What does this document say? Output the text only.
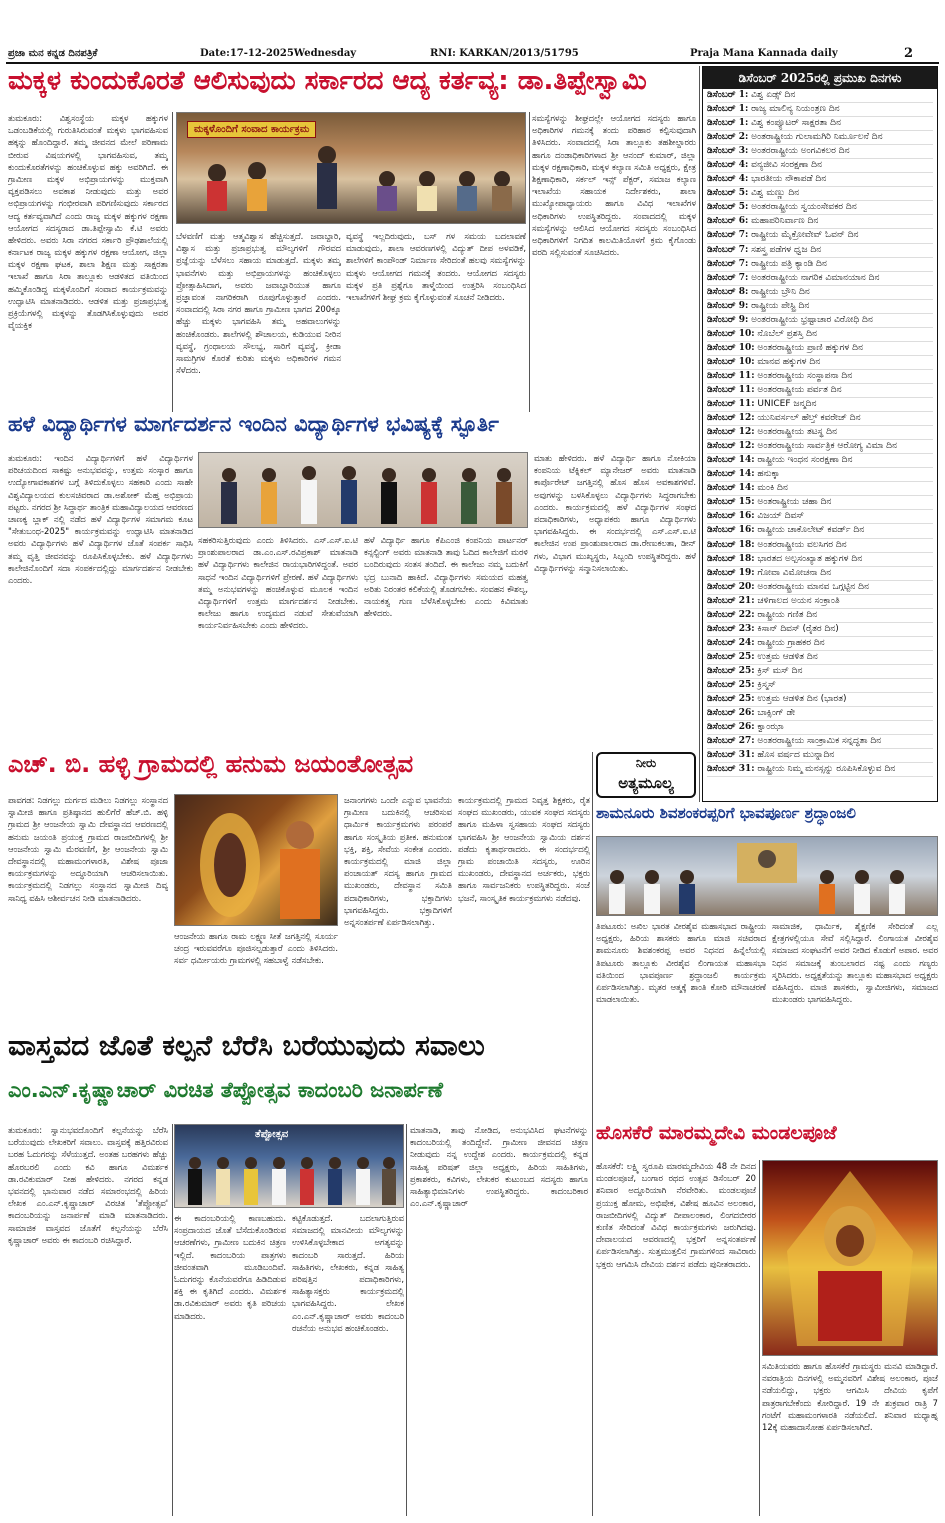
ಪ್ರಜಾ ಮನ ಕನ್ನಡ ದಿನಪತ್ರಿಕೆ	Date:17-12-2025Wednesday	RNI: KARKAN/2013/51795	Praja Mana Kannada daily	2
ಮಕ್ಕಳ ಕುಂದುಕೊರತೆ ಆಲಿಸುವುದು ಸರ್ಕಾರದ ಆದ್ಯ ಕರ್ತವ್ಯ: ಡಾ.ತಿಪ್ಪೇಸ್ವಾಮಿ
ತುಮಕೂರು: ವಿಶ್ವಸಂಸ್ಥೆಯ ಮಕ್ಕಳ ಹಕ್ಕುಗಳ ಒಡಂಬಡಿಕೆಯಲ್ಲಿ ಗುರುತಿಸಿರುವಂತೆ ಮಕ್ಕಳು ಭಾಗವಹಿಸುವ ಹಕ್ಕನ್ನು ಹೊಂದಿದ್ದಾರೆ. ತಮ್ಮ ಜೀವನದ ಮೇಲೆ ಪರಿಣಾಮ ಬೀರುವ ವಿಷಯಗಳಲ್ಲಿ ಭಾಗವಹಿಸುವ, ತಮ್ಮ ಕುಂದುಕೊರತೆಗಳನ್ನು ಹಂಚಿಕೊಳ್ಳುವ ಹಕ್ಕು ಅವರಿಗಿದೆ. ಈ ಗ್ರಾಮೀಣ ಮಕ್ಕಳ ಅಭಿಪ್ರಾಯಗಳನ್ನು ಮುಕ್ತವಾಗಿ ವ್ಯಕ್ತಪಡಿಸಲು ಅವಕಾಶ ನೀಡುವುದು ಮತ್ತು ಅವರ ಅಭಿಪ್ರಾಯಗಳನ್ನು ಗಂಭೀರವಾಗಿ ಪರಿಗಣಿಸುವುದು ಸರ್ಕಾರದ ಆದ್ಯ ಕರ್ತವ್ಯವಾಗಿದೆ ಎಂದು ರಾಜ್ಯ ಮಕ್ಕಳ ಹಕ್ಕುಗಳ ರಕ್ಷಣಾ ಆಯೋಗದ ಸದಸ್ಯರಾದ ಡಾ.ತಿಪ್ಪೇಸ್ವಾಮಿ ಕೆ.ಟಿ ಅವರು ಹೇಳಿದರು. ಅವರು ಸಿರಾ ನಗರದ ಸರ್ಕಾರಿ ಪ್ರೌಢಶಾಲೆಯಲ್ಲಿ ಕರ್ನಾಟಕ ರಾಜ್ಯ ಮಕ್ಕಳ ಹಕ್ಕುಗಳ ರಕ್ಷಣಾ ಆಯೋಗ, ಜಿಲ್ಲಾ ಮಕ್ಕಳ ರಕ್ಷಣಾ ಘಟಕ, ಶಾಲಾ ಶಿಕ್ಷಣ ಮತ್ತು ಸಾಕ್ಷರತಾ ಇಲಾಖೆ ಹಾಗೂ ಸಿರಾ ತಾಲ್ಲೂಕು ಆಡಳಿತದ ವತಿಯಿಂದ ಹಮ್ಮಿಕೊಂಡಿದ್ದ ಮಕ್ಕಳೊಂದಿಗೆ ಸಂವಾದ ಕಾರ್ಯಕ್ರಮವನ್ನು ಉದ್ಘಾಟಿಸಿ ಮಾತನಾಡಿದರು. ಆಡಳಿತ ಮತ್ತು ಪ್ರಜಾಪ್ರಭುತ್ವ ಪ್ರಕ್ರಿಯೆಗಳಲ್ಲಿ ಮಕ್ಕಳನ್ನು ತೊಡಗಿಸಿಕೊಳ್ಳುವುದು ಅವರ ವೈಯಕ್ತಿಕ
ಮಕ್ಕಳೊಂದಿಗೆ ಸಂವಾದ ಕಾರ್ಯಕ್ರಮ
ಬೆಳವಣಿಗೆ ಮತ್ತು ಆತ್ಮವಿಶ್ವಾಸ ಹೆಚ್ಚಿಸುತ್ತದೆ. ಜವಾಬ್ದಾರಿ, ವಿಶ್ವಾಸ ಮತ್ತು ಪ್ರಜಾಪ್ರಭುತ್ವ ಮೌಲ್ಯಗಳಿಗೆ ಗೌರವದ ಪ್ರಜ್ಞೆಯನ್ನು ಬೆಳೆಸಲು ಸಹಾಯ ಮಾಡುತ್ತದೆ. ಮಕ್ಕಳು ತಮ್ಮ ಭಾವನೆಗಳು ಮತ್ತು ಅಭಿಪ್ರಾಯಗಳನ್ನು ಹಂಚಿಕೊಳ್ಳಲು ಪ್ರೋತ್ಸಾಹಿಸಿದಾಗ, ಅವರು ಜವಾಬ್ದಾರಿಯುತ ಹಾಗೂ ಪ್ರಜ್ಞಾವಂತ ನಾಗರಿಕರಾಗಿ ರೂಪುಗೊಳ್ಳುತ್ತಾರೆ ಎಂದರು. ಸಂವಾದದಲ್ಲಿ ಸಿರಾ ನಗರ ಹಾಗೂ ಗ್ರಾಮೀಣ ಭಾಗದ 200ಕ್ಕೂ ಹೆಚ್ಚು ಮಕ್ಕಳು ಭಾಗವಹಿಸಿ ತಮ್ಮ ಅಹವಾಲುಗಳನ್ನು ಹಂಚಿಕೊಂಡರು. ಶಾಲೆಗಳಲ್ಲಿ ಶೌಚಾಲಯ, ಕುಡಿಯುವ ನೀರಿನ ವ್ಯವಸ್ಥೆ, ಗ್ರಂಥಾಲಯ ಸೌಲಭ್ಯ, ಸಾರಿಗೆ ವ್ಯವಸ್ಥೆ, ಕ್ರೀಡಾ ಸಾಮಗ್ರಿಗಳ ಕೊರತೆ ಕುರಿತು ಮಕ್ಕಳು ಅಧಿಕಾರಿಗಳ ಗಮನ ಸೆಳೆದರು.
ವ್ಯವಸ್ಥೆ ಇಲ್ಲದಿರುವುದು, ಬಸ್ ಗಳ ಸಮಯ ಬದಲಾವಣೆ ಮಾಡುವುದು, ಶಾಲಾ ಆವರಣಗಳಲ್ಲಿ ವಿದ್ಯುತ್ ದೀಪ ಅಳವಡಿಕೆ, ಶಾಲೆಗಳಿಗೆ ಕಾಂಪೌಂಡ್ ನಿರ್ಮಾಣ ಸೇರಿದಂತೆ ಹಲವು ಸಮಸ್ಯೆಗಳನ್ನು ಮಕ್ಕಳು ಆಯೋಗದ ಗಮನಕ್ಕೆ ತಂದರು. ಆಯೋಗದ ಸದಸ್ಯರು ಮಕ್ಕಳ ಪ್ರತಿ ಪ್ರಶ್ನೆಗೂ ತಾಳ್ಮೆಯಿಂದ ಉತ್ತರಿಸಿ ಸಂಬಂಧಿಸಿದ ಇಲಾಖೆಗಳಿಗೆ ಶೀಘ್ರ ಕ್ರಮ ಕೈಗೊಳ್ಳುವಂತೆ ಸೂಚನೆ ನೀಡಿದರು.
ಸಮಸ್ಯೆಗಳನ್ನು ಶೀಘ್ರದಲ್ಲೇ ಆಯೋಗದ ಸದಸ್ಯರು ಹಾಗೂ ಅಧಿಕಾರಿಗಳ ಗಮನಕ್ಕೆ ತಂದು ಪರಿಹಾರ ಕಲ್ಪಿಸುವುದಾಗಿ ತಿಳಿಸಿದರು. ಸಂವಾದದಲ್ಲಿ ಸಿರಾ ತಾಲ್ಲೂಕು ತಹಶೀಲ್ದಾರರು ಹಾಗೂ ದಂಡಾಧಿಕಾರಿಗಳಾದ ಶ್ರೀ ಆನಂದ್ ಕುಮಾರ್, ಜಿಲ್ಲಾ ಮಕ್ಕಳ ರಕ್ಷಣಾಧಿಕಾರಿ, ಮಕ್ಕಳ ಕಲ್ಯಾಣ ಸಮಿತಿ ಅಧ್ಯಕ್ಷರು, ಕ್ಷೇತ್ರ ಶಿಕ್ಷಣಾಧಿಕಾರಿ, ಸರ್ಕಲ್ ಇನ್ಸ್ ಪೆಕ್ಟರ್, ಸಮಾಜ ಕಲ್ಯಾಣ ಇಲಾಖೆಯ ಸಹಾಯಕ ನಿರ್ದೇಶಕರು, ಶಾಲಾ ಮುಖ್ಯೋಪಾಧ್ಯಾಯರು ಹಾಗೂ ವಿವಿಧ ಇಲಾಖೆಗಳ ಅಧಿಕಾರಿಗಳು ಉಪಸ್ಥಿತರಿದ್ದರು. ಸಂವಾದದಲ್ಲಿ ಮಕ್ಕಳ ಸಮಸ್ಯೆಗಳನ್ನು ಆಲಿಸಿದ ಆಯೋಗದ ಸದಸ್ಯರು ಸಂಬಂಧಿಸಿದ ಅಧಿಕಾರಿಗಳಿಗೆ ನಿಗದಿತ ಕಾಲಮಿತಿಯೊಳಗೆ ಕ್ರಮ ಕೈಗೊಂಡು ವರದಿ ಸಲ್ಲಿಸುವಂತೆ ಸೂಚಿಸಿದರು.
ಡಿಸೆಂಬರ್ 2025ರಲ್ಲಿ ಪ್ರಮುಖ ದಿನಗಳು
ಡಿಸೆಂಬರ್ 1: ವಿಶ್ವ ಏಡ್ಸ್ ದಿನ
ಡಿಸೆಂಬರ್ 1: ರಾಜ್ಯ ಮಾಲಿನ್ಯ ನಿಯಂತ್ರಣ ದಿನ
ಡಿಸೆಂಬರ್ 1: ವಿಶ್ವ ಕಂಪ್ಯೂಟರ್ ಸಾಕ್ಷರತಾ ದಿನ
ಡಿಸೆಂಬರ್ 2: ಅಂತರಾಷ್ಟ್ರೀಯ ಗುಲಾಮಗಿರಿ ನಿರ್ಮೂಲನೆ ದಿನ
ಡಿಸೆಂಬರ್ 3: ಅಂತರರಾಷ್ಟ್ರೀಯ ಅಂಗವಿಕಲರ ದಿನ
ಡಿಸೆಂಬರ್ 4: ವನ್ಯಜೀವಿ ಸಂರಕ್ಷಣಾ ದಿನ
ಡಿಸೆಂಬರ್ 4: ಭಾರತೀಯ ನೌಕಾಪಡೆ ದಿನ
ಡಿಸೆಂಬರ್ 5: ವಿಶ್ವ ಮಣ್ಣು ದಿನ
ಡಿಸೆಂಬರ್ 5: ಅಂತರರಾಷ್ಟ್ರೀಯ ಸ್ವಯಂಸೇವಕರ ದಿನ
ಡಿಸೆಂಬರ್ 6: ಮಹಾಪರಿನಿರ್ವಾಣ ದಿನ
ಡಿಸೆಂಬರ್ 7: ರಾಷ್ಟ್ರೀಯ ಮೈಕ್ರೋವೇವ್ ಓವನ್ ದಿನ
ಡಿಸೆಂಬರ್ 7: ಸಶಸ್ತ್ರ ಪಡೆಗಳ ಧ್ವಜ ದಿನ
ಡಿಸೆಂಬರ್ 7: ರಾಷ್ಟ್ರೀಯ ಪತ್ರಿ ಕ್ಯಾಂಡಿ ದಿನ
ಡಿಸೆಂಬರ್ 7: ಅಂತರರಾಷ್ಟ್ರೀಯ ನಾಗರಿಕ ವಿಮಾನಯಾನ ದಿನ
ಡಿಸೆಂಬರ್ 8: ರಾಷ್ಟ್ರೀಯ ಬ್ರೌನಿ ದಿನ
ಡಿಸೆಂಬರ್ 9: ರಾಷ್ಟ್ರೀಯ ಪೇಸ್ಟ್ರಿ ದಿನ
ಡಿಸೆಂಬರ್ 9: ಅಂತರರಾಷ್ಟ್ರೀಯ ಭ್ರಷ್ಟಾಚಾರ ವಿರೋಧಿ ದಿನ
ಡಿಸೆಂಬರ್ 10: ನೊಬೆಲ್ ಪ್ರಶಸ್ತಿ ದಿನ
ಡಿಸೆಂಬರ್ 10: ಅಂತರರಾಷ್ಟ್ರೀಯ ಪ್ರಾಣಿ ಹಕ್ಕುಗಳ ದಿನ
ಡಿಸೆಂಬರ್ 10: ಮಾನವ ಹಕ್ಕುಗಳ ದಿನ
ಡಿಸೆಂಬರ್ 11: ಅಂತರರಾಷ್ಟ್ರೀಯ ಸಂಸ್ಥಾಪನಾ ದಿನ
ಡಿಸೆಂಬರ್ 11: ಅಂತರರಾಷ್ಟ್ರೀಯ ಪರ್ವತ ದಿನ
ಡಿಸೆಂಬರ್ 11: UNICEF ಜನ್ಮದಿನ
ಡಿಸೆಂಬರ್ 12: ಯುನಿವರ್ಸಲ್ ಹೆಲ್ತ್ ಕವರೇಜ್ ದಿನ
ಡಿಸೆಂಬರ್ 12: ಅಂತರರಾಷ್ಟ್ರೀಯ ತಟಸ್ಥ ದಿನ
ಡಿಸೆಂಬರ್ 12: ಅಂತರರಾಷ್ಟ್ರೀಯ ಸಾರ್ವತ್ರಿಕ ಆರೋಗ್ಯ ವಿಮಾ ದಿನ
ಡಿಸೆಂಬರ್ 14: ರಾಷ್ಟ್ರೀಯ ಇಂಧನ ಸಂರಕ್ಷಣಾ ದಿನ
ಡಿಸೆಂಬರ್ 14: ಹನುಕ್ಕಾ
ಡಿಸೆಂಬರ್ 14: ಮಂಕಿ ದಿನ
ಡಿಸೆಂಬರ್ 15: ಅಂತರಾಷ್ಟ್ರೀಯ ಚಹಾ ದಿನ
ಡಿಸೆಂಬರ್ 16: ವಿಜಯ್ ದಿವಸ್
ಡಿಸೆಂಬರ್ 16: ರಾಷ್ಟ್ರೀಯ ಚಾಕೊಲೇಟ್ ಕವರ್ಡ್ ದಿನ
ಡಿಸೆಂಬರ್ 18: ಅಂತರರಾಷ್ಟ್ರೀಯ ವಲಸಿಗರ ದಿನ
ಡಿಸೆಂಬರ್ 18: ಭಾರತದ ಅಲ್ಪಸಂಖ್ಯಾತ ಹಕ್ಕುಗಳ ದಿನ
ಡಿಸೆಂಬರ್ 19: ಗೋವಾ ವಿಮೋಚನಾ ದಿನ
ಡಿಸೆಂಬರ್ 20: ಅಂತರರಾಷ್ಟ್ರೀಯ ಮಾನವ ಒಗ್ಗಟ್ಟಿನ ದಿನ
ಡಿಸೆಂಬರ್ 21: ಚಳಿಗಾಲದ ಅಯನ ಸಂಕ್ರಾಂತಿ
ಡಿಸೆಂಬರ್ 22: ರಾಷ್ಟ್ರೀಯ ಗಣಿತ ದಿನ
ಡಿಸೆಂಬರ್ 23: ಕಿಸಾನ್ ದಿವಸ್ (ರೈತರ ದಿನ)
ಡಿಸೆಂಬರ್ 24: ರಾಷ್ಟ್ರೀಯ ಗ್ರಾಹಕರ ದಿನ
ಡಿಸೆಂಬರ್ 25: ಉತ್ತಮ ಆಡಳಿತ ದಿನ
ಡಿಸೆಂಬರ್ 25: ಕ್ರಿಸ್ ಮಸ್ ದಿನ
ಡಿಸೆಂಬರ್ 25: ಕ್ರಿಸ್ಮಸ್
ಡಿಸೆಂಬರ್ 25: ಉತ್ತಮ ಆಡಳಿತ ದಿನ (ಭಾರತ)
ಡಿಸೆಂಬರ್ 26: ಬಾಕ್ಸಿಂಗ್ ಡೇ
ಡಿಸೆಂಬರ್ 26: ಕ್ವಾಂಝಾ
ಡಿಸೆಂಬರ್ 27: ಅಂತರರಾಷ್ಟ್ರೀಯ ಸಾಂಕ್ರಾಮಿಕ ಸನ್ನದ್ಧತಾ ದಿನ
ಡಿಸೆಂಬರ್ 31: ಹೊಸ ವರ್ಷದ ಮುನ್ನಾದಿನ
ಡಿಸೆಂಬರ್ 31: ರಾಷ್ಟ್ರೀಯ ನಿಮ್ಮ ಮನಸ್ಸನ್ನು ರೂಪಿಸಿಕೊಳ್ಳುವ ದಿನ
ಹಳೆ ವಿದ್ಯಾರ್ಥಿಗಳ ಮಾರ್ಗದರ್ಶನ ಇಂದಿನ ವಿದ್ಯಾರ್ಥಿಗಳ ಭವಿಷ್ಯಕ್ಕೆ ಸ್ಫೂರ್ತಿ
ತುಮಕೂರು: ಇಂದಿನ ವಿದ್ಯಾರ್ಥಿಗಳಿಗೆ ಹಳೆ ವಿದ್ಯಾರ್ಥಿಗಳ ಪರಿಚಯದಿಂದ ಸಾಕಷ್ಟು ಅನುಭವವನ್ನು, ಉತ್ತಮ ಸಂಸ್ಕಾರ ಹಾಗೂ ಉದ್ಯೋಗಾವಕಾಶಗಳ ಬಗ್ಗೆ ತಿಳಿದುಕೊಳ್ಳಲು ಸಹಕಾರಿ ಎಂದು ಸಾಹೇ ವಿಶ್ವವಿದ್ಯಾಲಯದ ಕುಲಸಚಿವರಾದ ಡಾ.ಅಶೋಕ್ ಮೆಹ್ತ ಅಭಿಪ್ರಾಯ ಪಟ್ಟರು. ನಗರದ ಶ್ರೀ ಸಿದ್ಧಾರ್ಥ ತಾಂತ್ರಿಕ ಮಹಾವಿದ್ಯಾಲಯದ ಆವರಣದ ಚಾಣಕ್ಯ ಬ್ಲಾಕ್ ನಲ್ಲಿ ನಡೆದ ಹಳೆ ವಿದ್ಯಾರ್ಥಿಗಳ ಸಮಾಗಮ ಕೂಟ "ಸೇತುಬಂಧ-2025" ಕಾರ್ಯಕ್ರಮವನ್ನು ಉದ್ಘಾಟಿಸಿ ಮಾತನಾಡಿದ ಅವರು ವಿದ್ಯಾರ್ಥಿಗಳು ಹಳೆ ವಿದ್ಯಾರ್ಥಿಗಳ ಜೊತೆ ಸಂಪರ್ಕ ಸಾಧಿಸಿ ತಮ್ಮ ವೃತ್ತಿ ಜೀವನವನ್ನು ರೂಪಿಸಿಕೊಳ್ಳಬೇಕು. ಹಳೆ ವಿದ್ಯಾರ್ಥಿಗಳು ಕಾಲೇಜಿನೊಂದಿಗೆ ಸದಾ ಸಂಪರ್ಕದಲ್ಲಿದ್ದು ಮಾರ್ಗದರ್ಶನ ನೀಡಬೇಕು ಎಂದರು.
ಸಹಕರಿಸುತ್ತಿರುವುದು ಎಂದು ತಿಳಿಸಿದರು. ಎಸ್.ಎಸ್.ಐ.ಟಿ ಪ್ರಾಂಶುಪಾಲರಾದ ಡಾ.ಎಂ.ಎಸ್.ರವಿಪ್ರಕಾಶ್ ಮಾತನಾಡಿ ಹಳೆ ವಿದ್ಯಾರ್ಥಿಗಳು ಕಾಲೇಜಿನ ರಾಯಭಾರಿಗಳಿದ್ದಂತೆ. ಅವರ ಸಾಧನೆ ಇಂದಿನ ವಿದ್ಯಾರ್ಥಿಗಳಿಗೆ ಪ್ರೇರಣೆ. ಹಳೆ ವಿದ್ಯಾರ್ಥಿಗಳು ತಮ್ಮ ಅನುಭವಗಳನ್ನು ಹಂಚಿಕೊಳ್ಳುವ ಮೂಲಕ ಇಂದಿನ ವಿದ್ಯಾರ್ಥಿಗಳಿಗೆ ಉತ್ತಮ ಮಾರ್ಗದರ್ಶನ ನೀಡಬೇಕು. ಕಾಲೇಜು ಹಾಗೂ ಉದ್ಯಮದ ನಡುವೆ ಸೇತುವೆಯಾಗಿ ಕಾರ್ಯನಿರ್ವಹಿಸಬೇಕು ಎಂದು ಹೇಳಿದರು.
ಹಳೆ ವಿದ್ಯಾರ್ಥಿ ಹಾಗೂ ಕೆಪಿಎಂಜಿ ಕಂಪನಿಯ ಪಾರ್ಟನರ್ ಕನ್ಸಲ್ಟಿಂಗ್ ಅವರು ಮಾತನಾಡಿ ತಾವು ಓದಿದ ಕಾಲೇಜಿಗೆ ಮರಳಿ ಬಂದಿರುವುದು ಸಂತಸ ತಂದಿದೆ. ಈ ಕಾಲೇಜು ನಮ್ಮ ಬದುಕಿಗೆ ಭದ್ರ ಬುನಾದಿ ಹಾಕಿದೆ. ವಿದ್ಯಾರ್ಥಿಗಳು ಸಮಯದ ಮಹತ್ವ ಅರಿತು ನಿರಂತರ ಕಲಿಕೆಯಲ್ಲಿ ತೊಡಗಬೇಕು. ಸಂವಹನ ಕೌಶಲ್ಯ, ನಾಯಕತ್ವ ಗುಣ ಬೆಳೆಸಿಕೊಳ್ಳಬೇಕು ಎಂದು ಕಿವಿಮಾತು ಹೇಳಿದರು.
ಮಾತು ಹೇಳಿದರು. ಹಳೆ ವಿದ್ಯಾರ್ಥಿ ಹಾಗೂ ನೋಕಿಯಾ ಕಂಪನಿಯ ಟೆಕ್ನಿಕಲ್ ಮ್ಯಾನೇಜರ್ ಅವರು ಮಾತನಾಡಿ ಕಾರ್ಪೊರೇಟ್ ಜಗತ್ತಿನಲ್ಲಿ ಹೊಸ ಹೊಸ ಅವಕಾಶಗಳಿವೆ. ಅವುಗಳನ್ನು ಬಳಸಿಕೊಳ್ಳಲು ವಿದ್ಯಾರ್ಥಿಗಳು ಸಿದ್ಧರಾಗಬೇಕು ಎಂದರು. ಕಾರ್ಯಕ್ರಮದಲ್ಲಿ ಹಳೆ ವಿದ್ಯಾರ್ಥಿಗಳ ಸಂಘದ ಪದಾಧಿಕಾರಿಗಳು, ಅಧ್ಯಾಪಕರು ಹಾಗೂ ವಿದ್ಯಾರ್ಥಿಗಳು ಭಾಗವಹಿಸಿದ್ದರು. ಈ ಸಂದರ್ಭದಲ್ಲಿ ಎಸ್.ಎಸ್.ಐ.ಟಿ ಕಾಲೇಜಿನ ಉಪ ಪ್ರಾಂಶುಪಾಲರಾದ ಡಾ.ರೇಣುಕಲತಾ, ಡೀನ್ ಗಳು, ವಿಭಾಗ ಮುಖ್ಯಸ್ಥರು, ಸಿಬ್ಬಂದಿ ಉಪಸ್ಥಿತರಿದ್ದರು. ಹಳೆ ವಿದ್ಯಾರ್ಥಿಗಳನ್ನು ಸನ್ಮಾನಿಸಲಾಯಿತು.
ಎಚ್. ಬಿ. ಹಳ್ಳಿ ಗ್ರಾಮದಲ್ಲಿ ಹನುಮ ಜಯಂತೋತ್ಸವ	ನೀರು
ಅತ್ಯಮೂಲ್ಯ
ಪಾವಗಡ: ನಿಡಗಲ್ಲು ದುರ್ಗದ ಮಡಿಲು ನಿಡಗಲ್ಲು ಸಂಸ್ಥಾನದ ಸ್ವಾಮೀಜಿ ಹಾಗೂ ಪ್ರತಿಷ್ಠಾನದ ಹುಲಿಗೆರೆ ಹೆಚ್.ಬಿ. ಹಳ್ಳಿ ಗ್ರಾಮದ ಶ್ರೀ ಆಂಜನೇಯ ಸ್ವಾಮಿ ದೇವಸ್ಥಾನದ ಆವರಣದಲ್ಲಿ ಹನುಮ ಜಯಂತಿ ಪ್ರಯುಕ್ತ ಗ್ರಾಮದ ರಾಜಬೀದಿಗಳಲ್ಲಿ ಶ್ರೀ ಆಂಜನೇಯ ಸ್ವಾಮಿ ಮೆರವಣಿಗೆ, ಶ್ರೀ ಆಂಜನೇಯ ಸ್ವಾಮಿ ದೇವಸ್ಥಾನದಲ್ಲಿ ಮಹಾಮಂಗಳಾರತಿ, ವಿಶೇಷ ಪೂಜಾ ಕಾರ್ಯಕ್ರಮಗಳನ್ನು ಅದ್ಧೂರಿಯಾಗಿ ಆಚರಿಸಲಾಯಿತು. ಕಾರ್ಯಕ್ರಮದಲ್ಲಿ ನಿಡಗಲ್ಲು ಸಂಸ್ಥಾನದ ಸ್ವಾಮೀಜಿ ದಿವ್ಯ ಸಾನಿಧ್ಯ ವಹಿಸಿ ಆಶೀರ್ವಚನ ನೀಡಿ ಮಾತನಾಡಿದರು.
ಆಂಜನೇಯ ಹಾಗೂ ರಾಮ ಲಕ್ಷ್ಮಣ ಸೀತೆ ಜಗತ್ತಿನಲ್ಲಿ ಸೂರ್ಯ ಚಂದ್ರ ಇರುವವರೆಗೂ ಪೂಜಿಸಲ್ಪಡುತ್ತಾರೆ ಎಂದು ತಿಳಿಸಿದರು. ಸರ್ವ ಧರ್ಮೀಯರು ಗ್ರಾಮಗಳಲ್ಲಿ ಸಹಬಾಳ್ವೆ ನಡೆಸಬೇಕು.
ಜನಾಂಗಗಳು ಒಂದೇ ಎನ್ನುವ ಭಾವನೆಯ ಗ್ರಾಮೀಣ ಬದುಕಿನಲ್ಲಿ ಆಚರಿಸುವ ಧಾರ್ಮಿಕ ಕಾರ್ಯಕ್ರಮಗಳು ಪರಂಪರೆ ಹಾಗೂ ಸಂಸ್ಕೃತಿಯ ಪ್ರತೀಕ. ಹನುಮಂತ ಭಕ್ತಿ, ಶಕ್ತಿ, ಸೇವೆಯ ಸಂಕೇತ ಎಂದರು. ಕಾರ್ಯಕ್ರಮದಲ್ಲಿ ಮಾಜಿ ಜಿಲ್ಲಾ ಪಂಚಾಯತ್ ಸದಸ್ಯ ಹಾಗೂ ಗ್ರಾಮದ ಮುಖಂಡರು, ದೇವಸ್ಥಾನ ಸಮಿತಿ ಪದಾಧಿಕಾರಿಗಳು, ಭಕ್ತಾದಿಗಳು ಭಾಗವಹಿಸಿದ್ದರು. ಭಕ್ತಾದಿಗಳಿಗೆ ಅನ್ನಸಂತರ್ಪಣೆ ಏರ್ಪಡಿಸಲಾಗಿತ್ತು.
ಕಾರ್ಯಕ್ರಮದಲ್ಲಿ ಗ್ರಾಮದ ನಿವೃತ್ತ ಶಿಕ್ಷಕರು, ರೈತ ಸಂಘದ ಮುಖಂಡರು, ಯುವಕ ಸಂಘದ ಸದಸ್ಯರು ಹಾಗೂ ಮಹಿಳಾ ಸ್ವಸಹಾಯ ಸಂಘದ ಸದಸ್ಯರು ಭಾಗವಹಿಸಿ ಶ್ರೀ ಆಂಜನೇಯ ಸ್ವಾಮಿಯ ದರ್ಶನ ಪಡೆದು ಕೃತಾರ್ಥರಾದರು. ಈ ಸಂದರ್ಭದಲ್ಲಿ ಗ್ರಾಮ ಪಂಚಾಯಿತಿ ಸದಸ್ಯರು, ಊರಿನ ಮುಖಂಡರು, ದೇವಸ್ಥಾನದ ಅರ್ಚಕರು, ಭಕ್ತರು ಹಾಗೂ ಸಾರ್ವಜನಿಕರು ಉಪಸ್ಥಿತರಿದ್ದರು. ಸಂಜೆ ಭಜನೆ, ಸಾಂಸ್ಕೃತಿಕ ಕಾರ್ಯಕ್ರಮಗಳು ನಡೆದವು.
ಶಾಮನೂರು ಶಿವಶಂಕರಪ್ಪರಿಗೆ ಭಾವಪೂರ್ಣ ಶ್ರದ್ಧಾಂಜಲಿ
ತಿಪಟೂರು: ಅಖಿಲ ಭಾರತ ವೀರಶೈವ ಮಹಾಸಭಾದ ರಾಷ್ಟ್ರೀಯ ಅಧ್ಯಕ್ಷರು, ಹಿರಿಯ ಶಾಸಕರು ಹಾಗೂ ಮಾಜಿ ಸಚಿವರಾದ ಶಾಮನೂರು ಶಿವಶಂಕರಪ್ಪ ಅವರ ನಿಧನದ ಹಿನ್ನೆಲೆಯಲ್ಲಿ ತಿಪಟೂರು ತಾಲ್ಲೂಕು ವೀರಶೈವ ಲಿಂಗಾಯತ ಮಹಾಸಭಾ ವತಿಯಿಂದ ಭಾವಪೂರ್ಣ ಶ್ರದ್ಧಾಂಜಲಿ ಕಾರ್ಯಕ್ರಮ ಏರ್ಪಡಿಸಲಾಗಿತ್ತು. ಮೃತರ ಆತ್ಮಕ್ಕೆ ಶಾಂತಿ ಕೋರಿ ಮೌನಾಚರಣೆ ಮಾಡಲಾಯಿತು.
ಸಾಮಾಜಿಕ, ಧಾರ್ಮಿಕ, ಶೈಕ್ಷಣಿಕ ಸೇರಿದಂತೆ ಎಲ್ಲ ಕ್ಷೇತ್ರಗಳಲ್ಲಿಯೂ ಸೇವೆ ಸಲ್ಲಿಸಿದ್ದಾರೆ. ಲಿಂಗಾಯತ ವೀರಶೈವ ಸಮಾಜದ ಸಂಘಟನೆಗೆ ಅವರ ನೀಡಿದ ಕೊಡುಗೆ ಅಪಾರ. ಅವರ ನಿಧನ ಸಮಾಜಕ್ಕೆ ತುಂಬಲಾರದ ನಷ್ಟ ಎಂದು ಗಣ್ಯರು ಸ್ಮರಿಸಿದರು. ಅಧ್ಯಕ್ಷತೆಯನ್ನು ತಾಲ್ಲೂಕು ಮಹಾಸಭಾದ ಅಧ್ಯಕ್ಷರು ವಹಿಸಿದ್ದರು. ಮಾಜಿ ಶಾಸಕರು, ಸ್ವಾಮೀಜಿಗಳು, ಸಮಾಜದ ಮುಖಂಡರು ಭಾಗವಹಿಸಿದ್ದರು.
ವಾಸ್ತವದ ಜೊತೆ ಕಲ್ಪನೆ ಬೆರೆಸಿ ಬರೆಯುವುದು ಸವಾಲು
ಎಂ.ಎನ್.ಕೃಷ್ಣಾಚಾರ್ ವಿರಚಿತ ತೆಪ್ಪೋತ್ಸವ ಕಾದಂಬರಿ ಜನಾರ್ಪಣೆ
ತುಮಕೂರು: ಸ್ವಾನುಭವದೊಂದಿಗೆ ಕಲ್ಪನೆಯನ್ನು ಬೆರೆಸಿ ಬರೆಯುವುದು ಲೇಖಕರಿಗೆ ಸವಾಲು. ವಾಸ್ತವಕ್ಕೆ ಹತ್ತಿರವಿರುವ ಬರಹ ಓದುಗರನ್ನು ಸೆಳೆಯುತ್ತದೆ. ಅಂತಹ ಬರಹಗಳು ಹೆಚ್ಚು ಹೊರಬರಲಿ ಎಂದು ಕವಿ ಹಾಗೂ ವಿಮರ್ಶಕ ಡಾ.ರವಿಕುಮಾರ್ ನೀಹ ಹೇಳಿದರು. ನಗರದ ಕನ್ನಡ ಭವನದಲ್ಲಿ ಭಾನುವಾರ ನಡೆದ ಸಮಾರಂಭದಲ್ಲಿ ಹಿರಿಯ ಲೇಖಕ ಎಂ.ಎನ್.ಕೃಷ್ಣಾಚಾರ್ ವಿರಚಿತ 'ತೆಪ್ಪೋತ್ಸವ' ಕಾದಂಬರಿಯನ್ನು ಜನಾರ್ಪಣೆ ಮಾಡಿ ಮಾತನಾಡಿದರು. ಸಾಮಾಜಿಕ ವಾಸ್ತವದ ಜೊತೆಗೆ ಕಲ್ಪನೆಯನ್ನು ಬೆರೆಸಿ ಕೃಷ್ಣಾಚಾರ್ ಅವರು ಈ ಕಾದಂಬರಿ ರಚಿಸಿದ್ದಾರೆ.
ತೆಪ್ಪೋತ್ಸವ
ಈ ಕಾದಂಬರಿಯಲ್ಲಿ ಕಾಣಬಹುದು. ಸಂಪ್ರದಾಯದ ಜೊತೆ ಬೆಸೆದುಕೊಂಡಿರುವ ಆಚರಣೆಗಳು, ಗ್ರಾಮೀಣ ಬದುಕಿನ ಚಿತ್ರಣ ಇಲ್ಲಿದೆ. ಕಾದಂಬರಿಯ ಪಾತ್ರಗಳು ಜೀವಂತವಾಗಿ ಮೂಡಿಬಂದಿವೆ. ಓದುಗರನ್ನು ಕೊನೆಯವರೆಗೂ ಹಿಡಿದಿಡುವ ಶಕ್ತಿ ಈ ಕೃತಿಗಿದೆ ಎಂದರು. ವಿಮರ್ಶಕ ಡಾ.ರವಿಕುಮಾರ್ ಅವರು ಕೃತಿ ಪರಿಚಯ ಮಾಡಿದರು.
ಕಟ್ಟಿಕೊಡುತ್ತದೆ. ಬದಲಾಗುತ್ತಿರುವ ಸಮಾಜದಲ್ಲಿ ಮಾನವೀಯ ಮೌಲ್ಯಗಳನ್ನು ಉಳಿಸಿಕೊಳ್ಳಬೇಕಾದ ಅಗತ್ಯವನ್ನು ಕಾದಂಬರಿ ಸಾರುತ್ತದೆ. ಹಿರಿಯ ಸಾಹಿತಿಗಳು, ಲೇಖಕರು, ಕನ್ನಡ ಸಾಹಿತ್ಯ ಪರಿಷತ್ತಿನ ಪದಾಧಿಕಾರಿಗಳು, ಸಾಹಿತ್ಯಾಸಕ್ತರು ಕಾರ್ಯಕ್ರಮದಲ್ಲಿ ಭಾಗವಹಿಸಿದ್ದರು. ಲೇಖಕ ಎಂ.ಎನ್.ಕೃಷ್ಣಾಚಾರ್ ಅವರು ಕಾದಂಬರಿ ರಚನೆಯ ಅನುಭವ ಹಂಚಿಕೊಂಡರು.
ಮಾತನಾಡಿ, ತಾವು ನೋಡಿದ, ಅನುಭವಿಸಿದ ಘಟನೆಗಳನ್ನು ಕಾದಂಬರಿಯಲ್ಲಿ ತಂದಿದ್ದೇನೆ. ಗ್ರಾಮೀಣ ಜೀವನದ ಚಿತ್ರಣ ನೀಡುವುದು ನನ್ನ ಉದ್ದೇಶ ಎಂದರು. ಕಾರ್ಯಕ್ರಮದಲ್ಲಿ ಕನ್ನಡ ಸಾಹಿತ್ಯ ಪರಿಷತ್ ಜಿಲ್ಲಾ ಅಧ್ಯಕ್ಷರು, ಹಿರಿಯ ಸಾಹಿತಿಗಳು, ಪ್ರಕಾಶಕರು, ಕವಿಗಳು, ಲೇಖಕರ ಕುಟುಂಬದ ಸದಸ್ಯರು ಹಾಗೂ ಸಾಹಿತ್ಯಾಭಿಮಾನಿಗಳು ಉಪಸ್ಥಿತರಿದ್ದರು. ಕಾದಂಬರಿಕಾರ ಎಂ.ಎನ್.ಕೃಷ್ಣಾಚಾರ್
ಹೊಸಕೆರೆ ಮಾರಮ್ಮದೇವಿ ಮಂಡಲಪೂಜೆ
ಹೊಸಕೆರೆ: ಲಕ್ಷ್ಮಿ ಸ್ವರೂಪಿ ಮಾರಮ್ಮದೇವಿಯ 48 ನೇ ದಿನದ ಮಂಡಲಪೂಜೆ, ಬಂಗಾರ ರಥದ ಉತ್ಸವ ಡಿಸೆಂಬರ್ 20 ಶನಿವಾರ ಅದ್ದೂರಿಯಾಗಿ ನೆರವೇರಿತು. ಮಂಡಲಪೂಜೆ ಪ್ರಯುಕ್ತ ಹೋಮ, ಅಭಿಷೇಕ, ವಿಶೇಷ ಹೂವಿನ ಅಲಂಕಾರ, ರಾಜಬೀದಿಗಳಲ್ಲಿ ವಿದ್ಯುತ್ ದೀಪಾಲಂಕಾರ, ಲಿಂಗದಬೀರರ ಕುಣಿತ ಸೇರಿದಂತೆ ವಿವಿಧ ಕಾರ್ಯಕ್ರಮಗಳು ಜರುಗಿದವು. ದೇವಾಲಯದ ಆವರಣದಲ್ಲಿ ಭಕ್ತರಿಗೆ ಅನ್ನಸಂತರ್ಪಣೆ ಏರ್ಪಡಿಸಲಾಗಿತ್ತು. ಸುತ್ತಮುತ್ತಲಿನ ಗ್ರಾಮಗಳಿಂದ ಸಾವಿರಾರು ಭಕ್ತರು ಆಗಮಿಸಿ ದೇವಿಯ ದರ್ಶನ ಪಡೆದು ಪುನೀತರಾದರು.
ಸಮಿತಿಯವರು ಹಾಗೂ ಹೊಸಕೆರೆ ಗ್ರಾಮಸ್ಥರು ಮನವಿ ಮಾಡಿದ್ದಾರೆ. ನವರಾತ್ರಿಯ ದಿನಗಳಲ್ಲಿ ಅಮ್ಮನವರಿಗೆ ವಿಶೇಷ ಅಲಂಕಾರ, ಪೂಜೆ ನಡೆಯಲಿದ್ದು, ಭಕ್ತರು ಆಗಮಿಸಿ ದೇವಿಯ ಕೃಪೆಗೆ ಪಾತ್ರರಾಗಬೇಕೆಂದು ಕೋರಿದ್ದಾರೆ. 19 ನೇ ಶುಕ್ರವಾರ ರಾತ್ರಿ 7 ಗಂಟೆಗೆ ಮಹಾಮಂಗಳಾರತಿ ನಡೆಯಲಿದೆ. ಶನಿವಾರ ಮಧ್ಯಾಹ್ನ 12ಕ್ಕೆ ಮಹಾದಾಸೋಹ ಏರ್ಪಡಿಸಲಾಗಿದೆ.
